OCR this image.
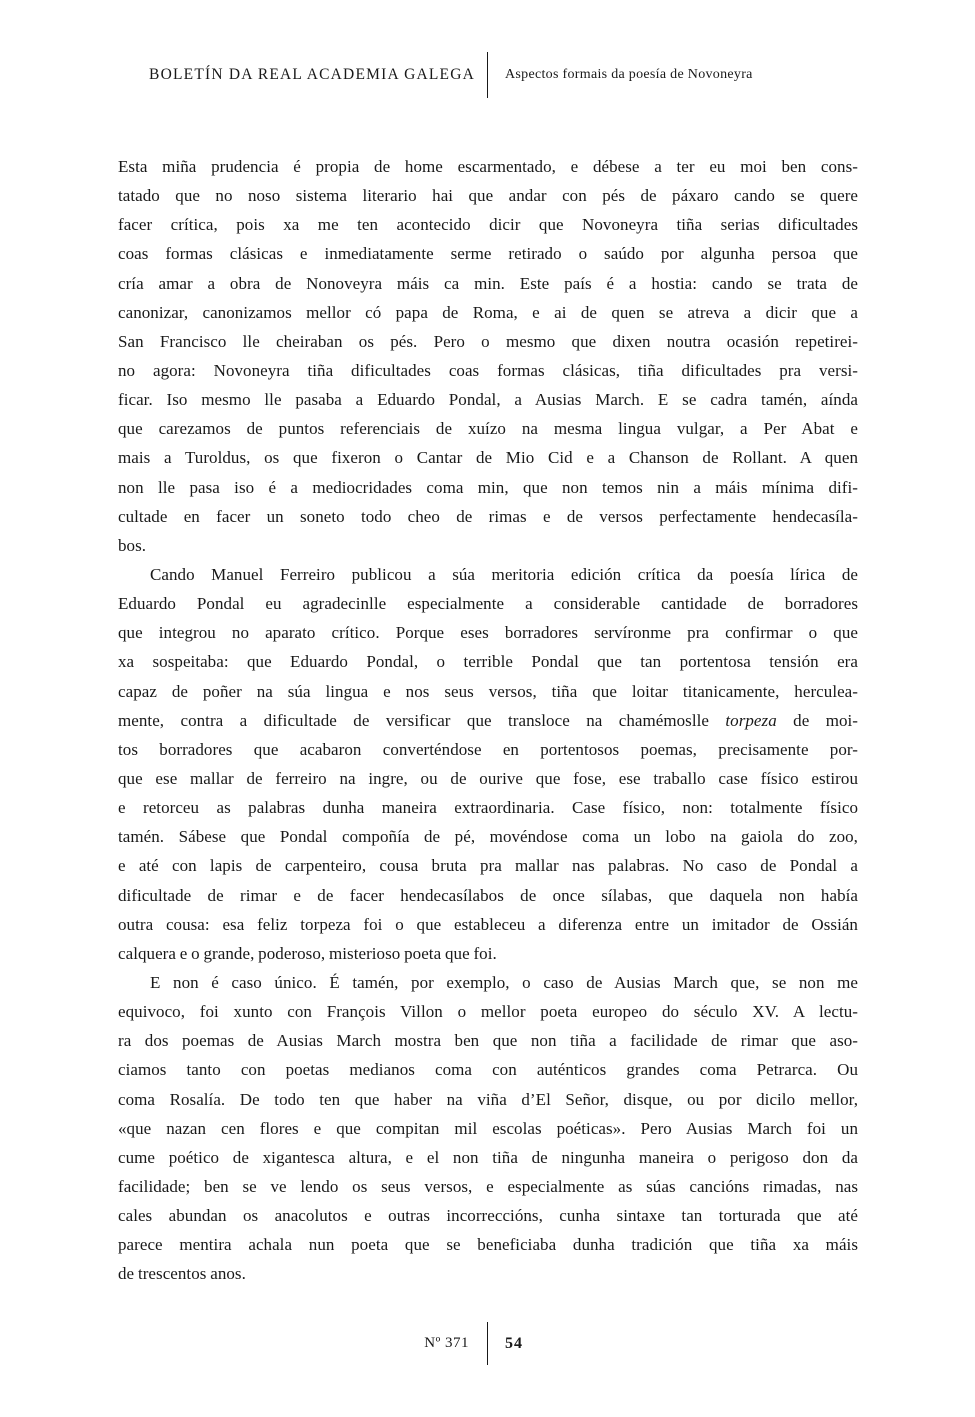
BOLETÍN DA REAL ACADEMIA GALEGA	Aspectos formais da poesía de Novoneyra
Esta miña prudencia é propia de home escarmentado, e débese a ter eu moi ben cons-
tatado que no noso sistema literario hai que andar con pés de páxaro cando se quere
facer crítica, pois xa me ten acontecido dicir que Novoneyra tiña serias dificultades
coas formas clásicas e inmediatamente serme retirado o saúdo por algunha persoa que
cría amar a obra de Nonoveyra máis ca min. Este país é a hostia: cando se trata de
canonizar, canonizamos mellor có papa de Roma, e ai de quen se atreva a dicir que a
San Francisco lle cheiraban os pés. Pero o mesmo que dixen noutra ocasión repetirei-
no agora: Novoneyra tiña dificultades coas formas clásicas, tiña dificultades pra versi-
ficar. Iso mesmo lle pasaba a Eduardo Pondal, a Ausias March. E se cadra tamén, aínda
que carezamos de puntos referenciais de xuízo na mesma lingua vulgar, a Per Abat e
mais a Turoldus, os que fixeron o Cantar de Mio Cid e a Chanson de Rollant. A quen
non lle pasa iso é a mediocridades coma min, que non temos nin a máis mínima difi-
cultade en facer un soneto todo cheo de rimas e de versos perfectamente hendecasíla-
bos.
Cando Manuel Ferreiro publicou a súa meritoria edición crítica da poesía lírica de
Eduardo Pondal eu agradecinlle especialmente a considerable cantidade de borradores
que integrou no aparato crítico. Porque eses borradores servíronme pra confirmar o que
xa sospeitaba: que Eduardo Pondal, o terrible Pondal que tan portentosa tensión era
capaz de poñer na súa lingua e nos seus versos, tiña que loitar titanicamente, herculea-
mente, contra a dificultade de versificar que transloce na chamémoslle torpeza de moi-
tos borradores que acabaron converténdose en portentosos poemas, precisamente por-
que ese mallar de ferreiro na ingre, ou de ourive que fose, ese traballo case físico estirou
e retorceu as palabras dunha maneira extraordinaria. Case físico, non: totalmente físico
tamén. Sábese que Pondal compoñía de pé, movéndose coma un lobo na gaiola do zoo,
e até con lapis de carpenteiro, cousa bruta pra mallar nas palabras. No caso de Pondal a
dificultade de rimar e de facer hendecasílabos de once sílabas, que daquela non había
outra cousa: esa feliz torpeza foi o que estableceu a diferenza entre un imitador de Ossián
calquera e o grande, poderoso, misterioso poeta que foi.
E non é caso único. É tamén, por exemplo, o caso de Ausias March que, se non me
equivoco, foi xunto con François Villon o mellor poeta europeo do século XV. A lectu-
ra dos poemas de Ausias March mostra ben que non tiña a facilidade de rimar que aso-
ciamos tanto con poetas medianos coma con auténticos grandes coma Petrarca. Ou
coma Rosalía. De todo ten que haber na viña d’El Señor, disque, ou por dicilo mellor,
«que nazan cen flores e que compitan mil escolas poéticas». Pero Ausias March foi un
cume poético de xigantesca altura, e el non tiña de ningunha maneira o perigoso don da
facilidade; ben se ve lendo os seus versos, e especialmente as súas cancións rimadas, nas
cales abundan os anacolutos e outras incorreccións, cunha sintaxe tan torturada que até
parece mentira achala nun poeta que se beneficiaba dunha tradición que tiña xa máis
de trescentos anos.
Nº 371	54
